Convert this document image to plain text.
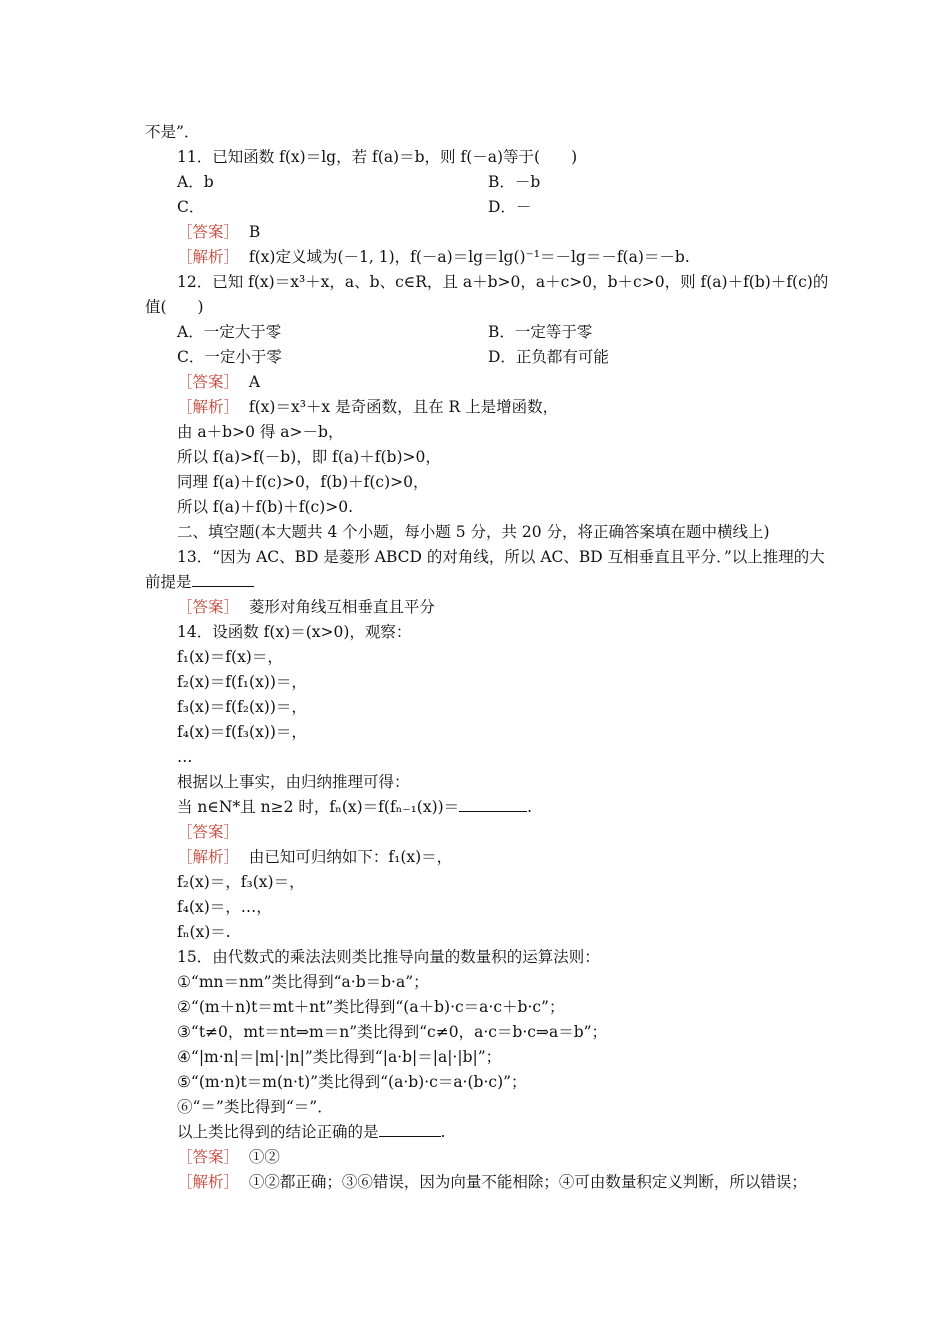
不是”．
11．已知函数 f(x)＝lg，若 f(a)＝b，则 f(－a)等于(　　)
［解析］ f(x)定义域为(－1, 1)，f(－a)＝lg＝lg()⁻¹＝－lg＝－f(a)＝－b.
12．已知 f(x)＝x³＋x，a、b、c∈R，且 a＋b>0，a＋c>0，b＋c>0，则 f(a)＋f(b)＋f(c)的
值(　　)
［答案］ A
［解析］ f(x)＝x³＋x 是奇函数，且在 R 上是增函数，
由 a＋b>0 得 a>－b，
所以 f(a)>f(－b)，即 f(a)＋f(b)>0，
同理 f(a)＋f(c)>0，f(b)＋f(c)>0，
所以 f(a)＋f(b)＋f(c)>0.
二、填空题(本大题共 4 个小题，每小题 5 分，共 20 分，将正确答案填在题中横线上)
13．“因为 AC、BD 是菱形 ABCD 的对角线，所以 AC、BD 互相垂直且平分．”以上推理的大
［答案］ 菱形对角线互相垂直且平分
14．设函数 f(x)＝(x>0)，观察：
f₁(x)＝f(x)＝，
f₂(x)＝f(f₁(x))＝，
f₃(x)＝f(f₂(x))＝，
f₄(x)＝f(f₃(x))＝，
…
根据以上事实，由归纳推理可得：
［答案］
［解析］ 由已知可归纳如下：f₁(x)＝，
f₂(x)＝，f₃(x)＝，
f₄(x)＝，…，
fₙ(x)＝.
15．由代数式的乘法法则类比推导向量的数量积的运算法则：
①“mn＝nm”类比得到“a·b＝b·a”；
②“(m＋n)t＝mt＋nt”类比得到“(a＋b)·c＝a·c＋b·c”；
③“t≠0，mt＝nt⇒m＝n”类比得到“c≠0，a·c＝b·c⇒a＝b”；
④“|m·n|＝|m|·|n|”类比得到“|a·b|＝|a|·|b|”；
⑤“(m·n)t＝m(n·t)”类比得到“(a·b)·c＝a·(b·c)”；
⑥“＝”类比得到“＝”．
［答案］ ①②
［解析］ ①②都正确；③⑥错误，因为向量不能相除；④可由数量积定义判断，所以错误；
A．b	B．－b
C．	D．－
［答案］ B
A．一定大于零	B．一定等于零
C．一定小于零	D．正负都有可能
前提是
当 n∈N*且 n≥2 时，fₙ(x)＝f(fₙ₋₁(x))＝	.
以上类比得到的结论正确的是	.
